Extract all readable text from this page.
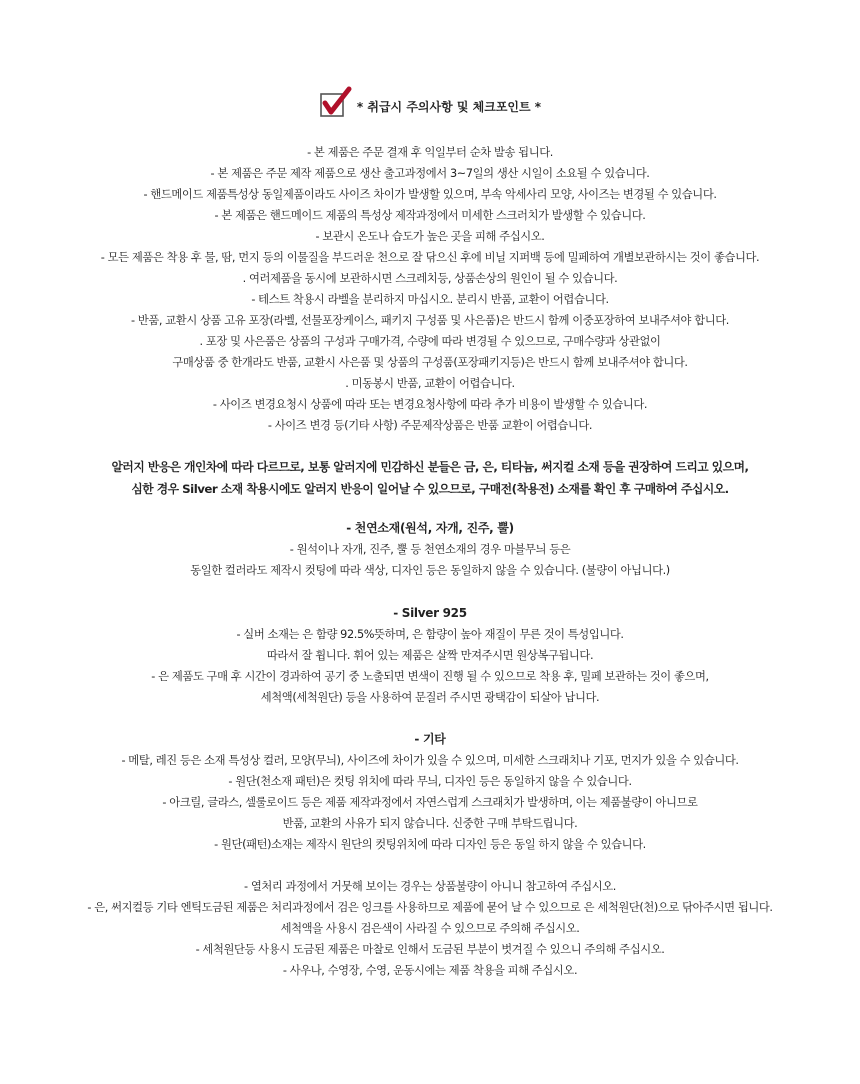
* 취급시 주의사항 및 체크포인트 *
- 본 제품은 주문 결재 후 익일부터 순차 발송 됩니다.
- 본 제품은 주문 제작 제품으로 생산 출고과정에서 3~7일의 생산 시일이 소요될 수 있습니다.
- 핸드메이드 제품특성상 동일제품이라도 사이즈 차이가 발생할 있으며, 부속 악세사리 모양, 사이즈는 변경될 수 있습니다.
- 본 제품은 핸드메이드 제품의 특성상 제작과정에서 미세한 스크러치가 발생할 수 있습니다.
- 보관시 온도나 습도가 높은 곳을 피해 주십시오.
- 모든 제품은 착용 후 물, 땀, 먼지 등의 이물질을 부드러운 천으로 잘 닦으신 후에 비닐 지퍼백 등에 밀페하여 개별보관하시는 것이 좋습니다.
. 여러제품을 동시에 보관하시면 스크레치등, 상품손상의 원인이 될 수 있습니다.
- 테스트 착용시 라벨을 분리하지 마십시오. 분리시 반품, 교환이 어렵습니다.
- 반품, 교환시 상품 고유 포장(라벨, 선물포장케이스, 패키지 구성품 및 사은품)은 반드시 함께 이중포장하여 보내주셔야 합니다.
. 포장 및 사은품은 상품의 구성과 구매가격, 수량에 따라 변경될 수 있으므로, 구매수량과 상관없이
구매상품 중 한개라도 반품, 교환시 사은품 및 상품의 구성품(포장패키지등)은 반드시 함께 보내주셔야 합니다.
. 미동봉시 반품, 교환이 어렵습니다.
- 사이즈 변경요청시 상품에 따라 또는 변경요청사항에 따라 추가 비용이 발생할 수 있습니다.
- 사이즈 변경 등(기타 사항) 주문제작상품은 반품 교환이 어렵습니다.
알러지 반응은 개인차에 따라 다르므로, 보통 알러지에 민감하신 분들은 금, 은, 티타늄, 써지컬 소재 등을 권장하여 드리고 있으며,
심한 경우 Silver 소재 착용시에도 알러지 반응이 일어날 수 있으므로, 구매전(착용전) 소재를 확인 후 구매하여 주십시오.
- 천연소재(원석, 자개, 진주, 뿔)
- 원석이나 자개, 진주, 뿔 등 천연소재의 경우 마블무늬 등은
동일한 컬러라도 제작시 컷팅에 따라 색상, 디자인 등은 동일하지 않을 수 있습니다. (불량이 아닙니다.)
- Silver 925
- 실버 소재는 은 함량 92.5%뜻하며, 은 함량이 높아 재질이 무른 것이 특성입니다.
따라서 잘 휩니다. 휘어 있는 제품은 살짝 만져주시면 원상복구됩니다.
- 은 제품도 구매 후 시간이 경과하여 공기 중 노출되면 변색이 진행 될 수 있으므로 착용 후, 밀페 보관하는 것이 좋으며,
세척액(세척원단) 등을 사용하여 문질러 주시면 광택감이 되살아 납니다.
- 기타
- 메탈, 레진 등은 소재 특성상 컬러, 모양(무늬), 사이즈에 차이가 있을 수 있으며, 미세한 스크래치나 기포, 먼지가 있을 수 있습니다.
- 원단(천소재 패턴)은 컷팅 위치에 따라 무늬, 디자인 등은 동일하지 않을 수 있습니다.
- 아크릴, 글라스, 셀룰로이드 등은 제품 제작과정에서 자연스럽게 스크래치가 발생하며, 이는 제품불량이 아니므로
반품, 교환의 사유가 되지 않습니다. 신중한 구매 부탁드립니다.
- 원단(패턴)소재는 제작시 원단의 컷팅위치에 따라 디자인 등은 동일 하지 않을 수 있습니다.
- 열처리 과정에서 거뭇해 보이는 경우는 상품불량이 아니니 참고하여 주십시오.
- 은, 써지컬등 기타 엔틱도금된 제품은 처리과정에서 검은 잉크를 사용하므로 제품에 묻어 날 수 있으므로 은 세척원단(천)으로 닦아주시면 됩니다.
세척액을 사용시 검은색이 사라질 수 있으므로 주의해 주십시오.
- 세척원단등 사용시 도금된 제품은 마찰로 인해서 도금된 부분이 벗겨질 수 있으니 주의해 주십시오.
- 사우나, 수영장, 수영, 운동시에는 제품 착용을 피해 주십시오.
